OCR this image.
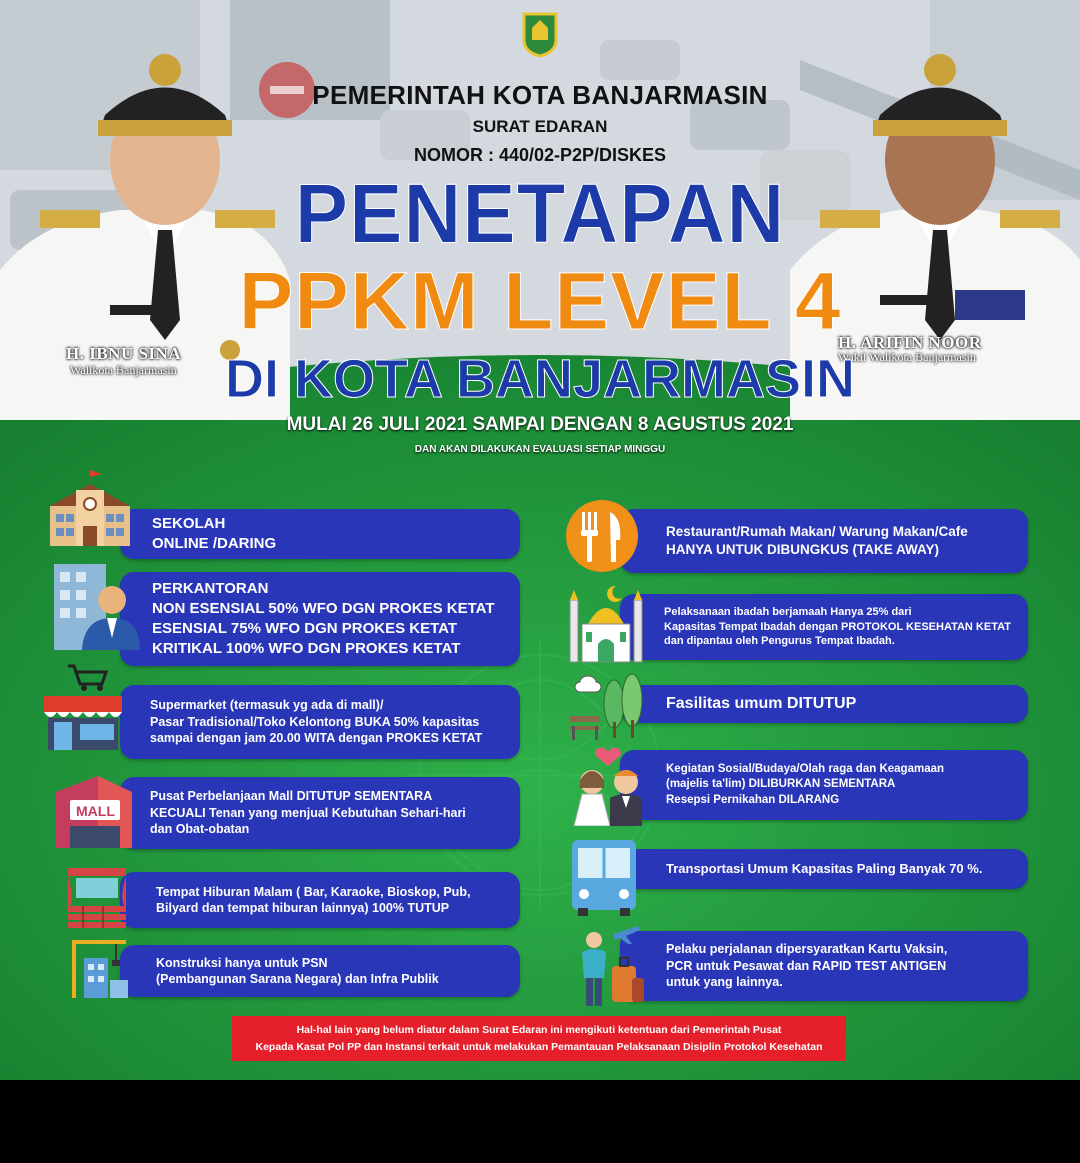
H. IBNU SINA
Walikota Banjarmasin
H. ARIFIN NOOR
Wakil Walikota Banjarmasin
PEMERINTAH KOTA BANJARMASIN
SURAT EDARAN
NOMOR : 440/02-P2P/DISKES
PENETAPAN
PPKM LEVEL 4
DI KOTA BANJARMASIN
MULAI 26 JULI 2021 SAMPAI DENGAN 8 AGUSTUS 2021
DAN AKAN DILAKUKAN EVALUASI SETIAP MINGGU
SEKOLAH
ONLINE /DARING
PERKANTORAN
NON ESENSIAL 50% WFO DGN PROKES KETAT
ESENSIAL 75% WFO DGN PROKES KETAT
KRITIKAL 100% WFO DGN PROKES KETAT
Supermarket (termasuk yg ada di mall)/
Pasar Tradisional/Toko Kelontong BUKA 50% kapasitas
sampai dengan jam 20.00 WITA dengan PROKES KETAT
Pusat Perbelanjaan Mall DITUTUP SEMENTARA
KECUALI Tenan yang menjual Kebutuhan Sehari-hari
dan Obat-obatan
Tempat Hiburan Malam ( Bar, Karaoke, Bioskop, Pub,
Bilyard dan tempat hiburan lainnya) 100% TUTUP
Konstruksi hanya untuk PSN
(Pembangunan Sarana Negara) dan Infra Publik
Restaurant/Rumah Makan/ Warung Makan/Cafe
HANYA UNTUK DIBUNGKUS (TAKE AWAY)
Pelaksanaan ibadah berjamaah Hanya 25% dari
Kapasitas Tempat Ibadah dengan PROTOKOL KESEHATAN KETAT
dan dipantau oleh Pengurus Tempat Ibadah.
Fasilitas umum DITUTUP
Kegiatan Sosial/Budaya/Olah raga dan Keagamaan
(majelis ta'lim) DILIBURKAN SEMENTARA
Resepsi Pernikahan DILARANG
Transportasi Umum Kapasitas Paling Banyak 70 %.
Pelaku perjalanan dipersyaratkan Kartu Vaksin,
PCR untuk Pesawat dan RAPID TEST ANTIGEN
untuk yang lainnya.
MALL
Hal-hal lain yang belum diatur dalam Surat Edaran ini mengikuti ketentuan dari Pemerintah Pusat
Kepada Kasat Pol PP dan Instansi terkait untuk melakukan Pemantauan Pelaksanaan Disiplin Protokol Kesehatan
